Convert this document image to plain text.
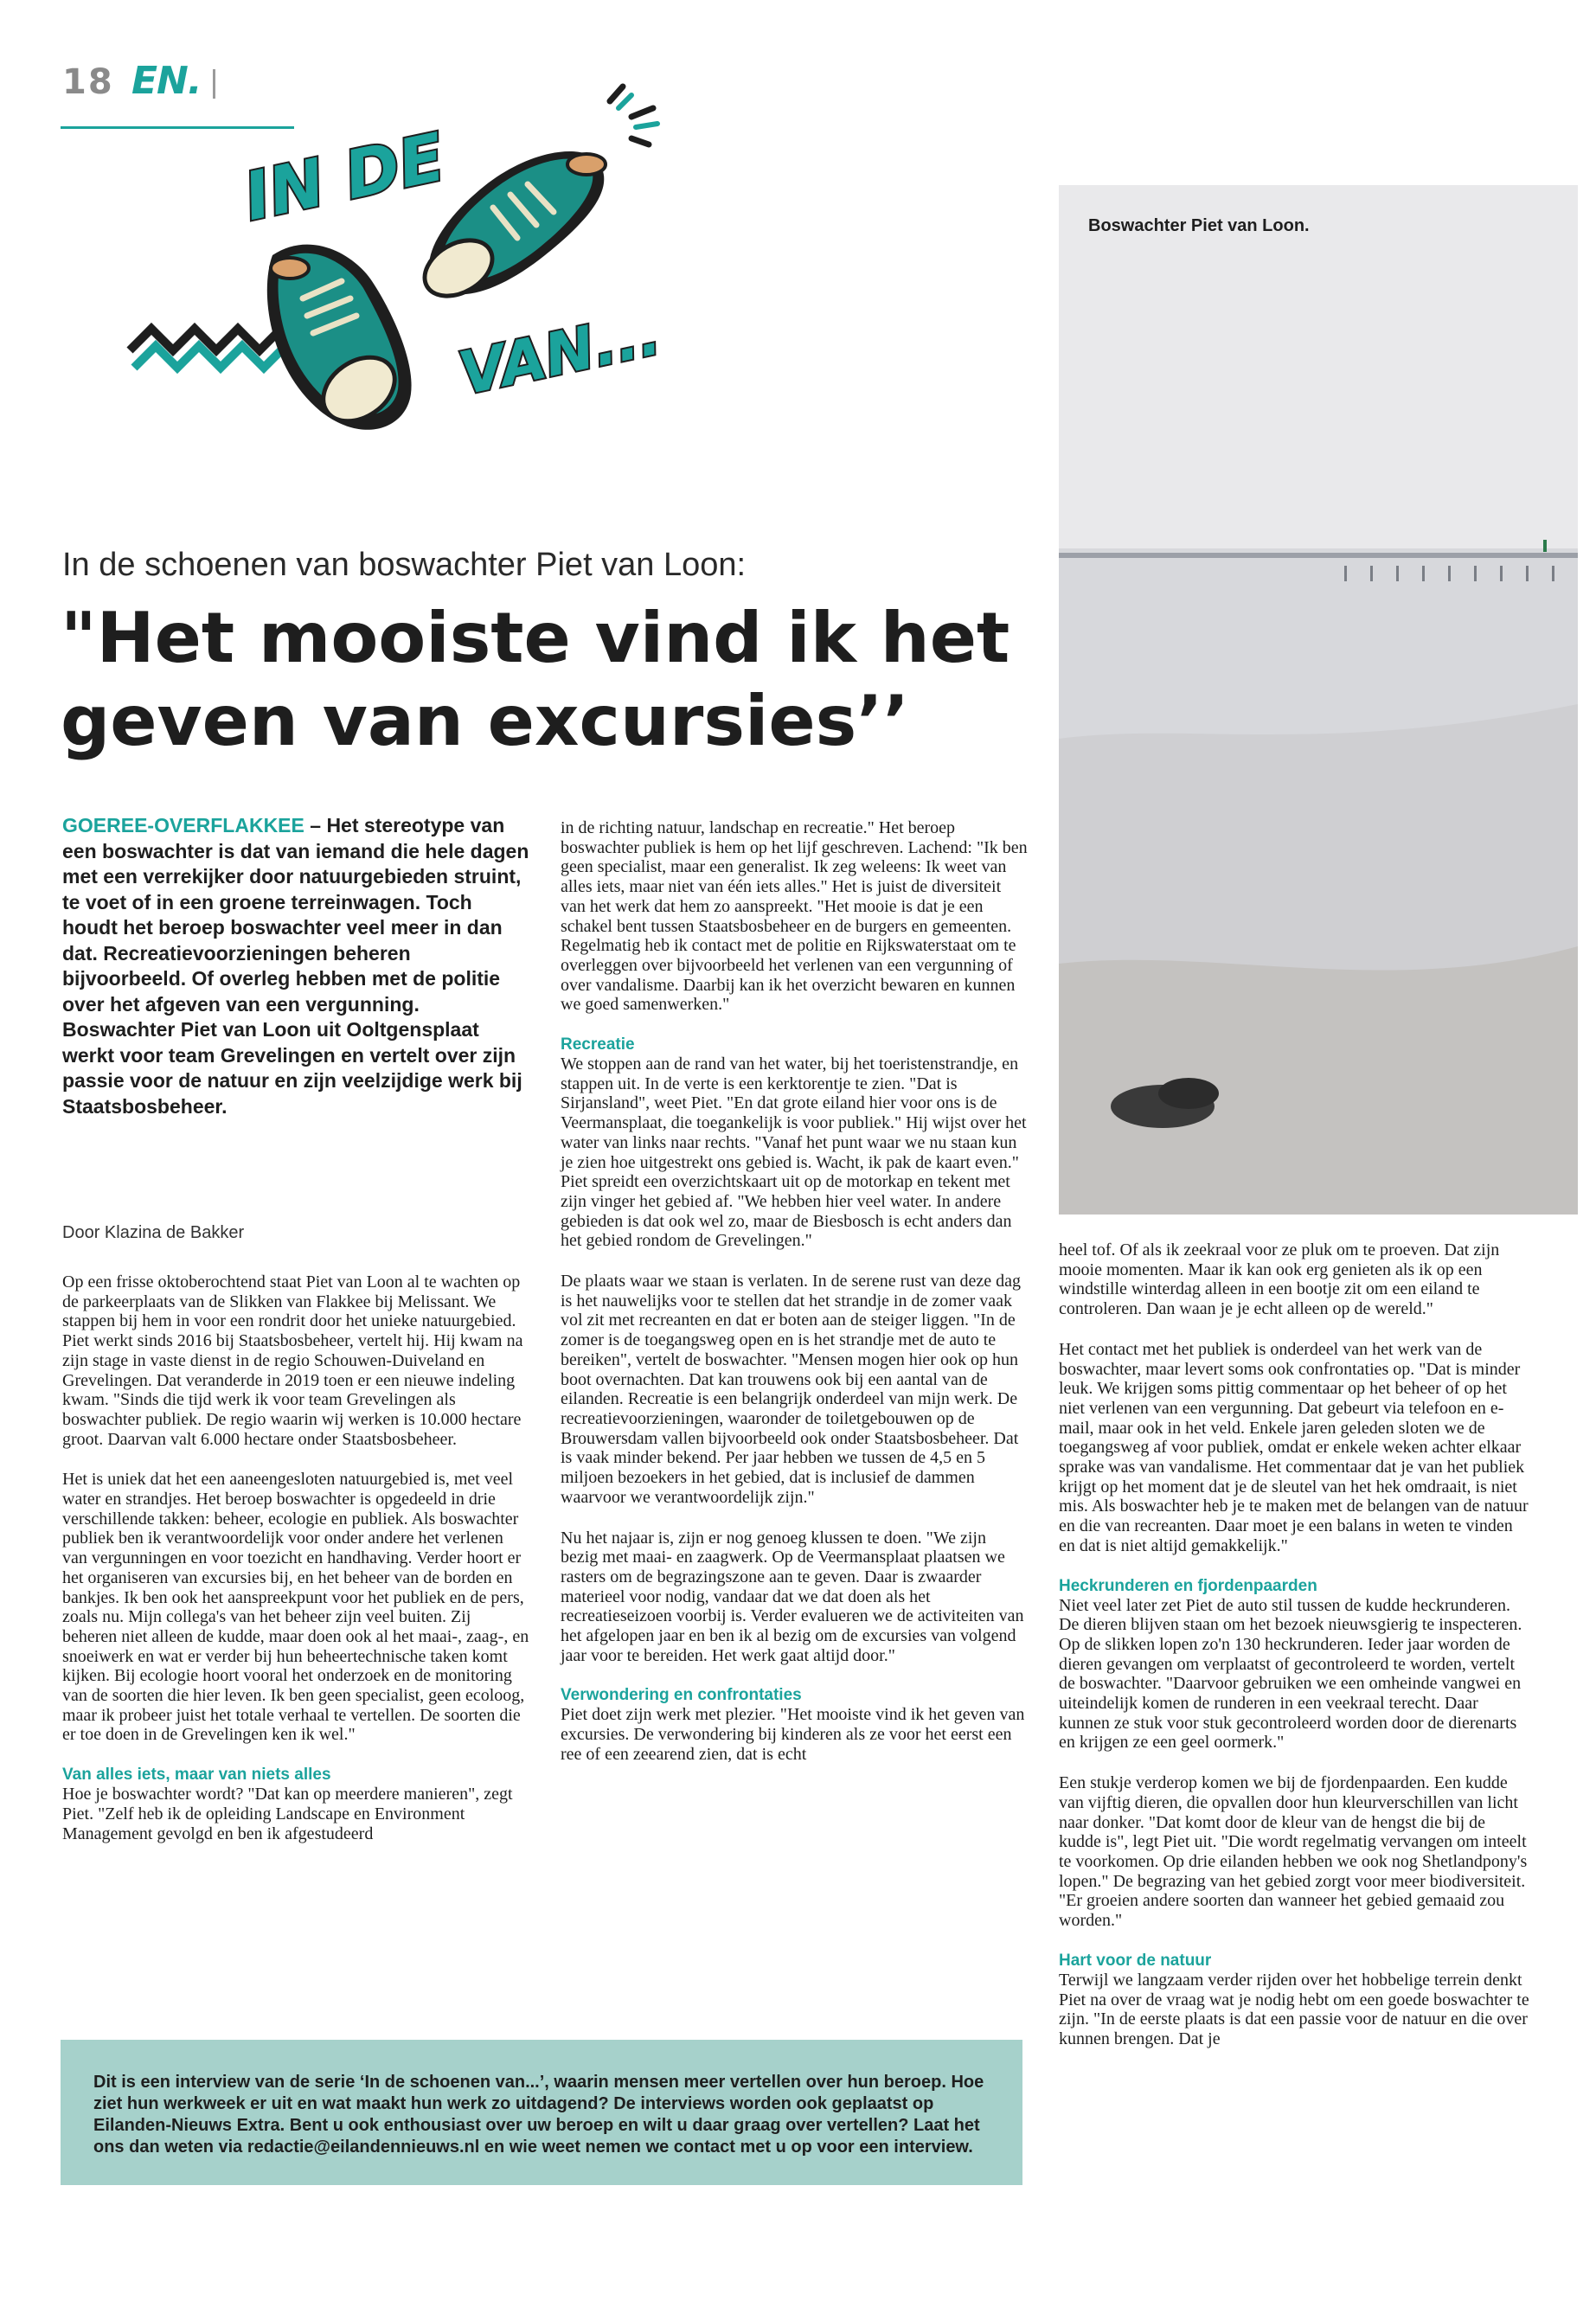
18 EN.
IN DE
VAN...
Boswachter Piet van Loon.
In de schoenen van boswachter Piet van Loon:
"Het mooiste vind ik het geven van excursies’’

GOEREE-OVERFLAKKEE – Het stereotype van een boswachter is dat van iemand die hele dagen met een verrekijker door natuurgebieden struint, te voet of in een groene terreinwagen. Toch houdt het beroep boswachter veel meer in dan dat. Recreatievoorzieningen beheren bijvoorbeeld. Of overleg hebben met de politie over het afgeven van een vergunning. Boswachter Piet van Loon uit Ooltgensplaat werkt voor team Grevelingen en vertelt over zijn passie voor de natuur en zijn veelzijdige werk bij Staatsbosbeheer.

Door Klazina de Bakker

Op een frisse oktoberochtend staat Piet van Loon al te wachten op de parkeerplaats van de Slikken van Flakkee bij Melissant. We stappen bij hem in voor een rondrit door het unieke natuurgebied. Piet werkt sinds 2016 bij Staatsbosbeheer, vertelt hij. Hij kwam na zijn stage in vaste dienst in de regio Schouwen-Duiveland en Grevelingen. Dat veranderde in 2019 toen er een nieuwe indeling kwam. "Sinds die tijd werk ik voor team Grevelingen als boswachter publiek. De regio waarin wij werken is 10.000 hectare groot. Daarvan valt 6.000 hectare onder Staatsbosbeheer.

Het is uniek dat het een aaneengesloten natuurgebied is, met veel water en strandjes. Het beroep boswachter is opgedeeld in drie verschillende takken: beheer, ecologie en publiek. Als boswachter publiek ben ik verantwoordelijk voor onder andere het verlenen van vergunningen en voor toezicht en handhaving. Verder hoort er het organiseren van excursies bij, en het beheer van de borden en bankjes. Ik ben ook het aanspreekpunt voor het publiek en de pers, zoals nu. Mijn collega's van het beheer zijn veel buiten. Zij beheren niet alleen de kudde, maar doen ook al het maai-, zaag-, en snoeiwerk en wat er verder bij hun beheertechnische taken komt kijken. Bij ecologie hoort vooral het onderzoek en de monitoring van de soorten die hier leven. Ik ben geen specialist, geen ecoloog, maar ik probeer juist het totale verhaal te vertellen. De soorten die er toe doen in de Grevelingen ken ik wel."

Van alles iets, maar van niets alles

Hoe je boswachter wordt? "Dat kan op meerdere manieren", zegt Piet. "Zelf heb ik de opleiding Landscape en Environment Management gevolgd en ben ik afgestudeerd

in de richting natuur, landschap en recreatie." Het beroep boswachter publiek is hem op het lijf geschreven. Lachend: "Ik ben geen specialist, maar een generalist. Ik zeg weleens: Ik weet van alles iets, maar niet van één iets alles." Het is juist de diversiteit van het werk dat hem zo aanspreekt. "Het mooie is dat je een schakel bent tussen Staatsbosbeheer en de burgers en gemeenten. Regelmatig heb ik contact met de politie en Rijkswaterstaat om te overleggen over bijvoorbeeld het verlenen van een vergunning of over vandalisme. Daarbij kan ik het overzicht bewaren en kunnen we goed samenwerken."

Recreatie

We stoppen aan de rand van het water, bij het toeristenstrandje, en stappen uit. In de verte is een kerktorentje te zien. "Dat is Sirjansland", weet Piet. "En dat grote eiland hier voor ons is de Veermansplaat, die toegankelijk is voor publiek." Hij wijst over het water van links naar rechts. "Vanaf het punt waar we nu staan kun je zien hoe uitgestrekt ons gebied is. Wacht, ik pak de kaart even." Piet spreidt een overzichtskaart uit op de motorkap en tekent met zijn vinger het gebied af. "We hebben hier veel water. In andere gebieden is dat ook wel zo, maar de Biesbosch is echt anders dan het gebied rondom de Grevelingen."

De plaats waar we staan is verlaten. In de serene rust van deze dag is het nauwelijks voor te stellen dat het strandje in de zomer vaak vol zit met recreanten en dat er boten aan de steiger liggen. "In de zomer is de toegangsweg open en is het strandje met de auto te bereiken", vertelt de boswachter. "Mensen mogen hier ook op hun boot overnachten. Dat kan trouwens ook bij een aantal van de eilanden. Recreatie is een belangrijk onderdeel van mijn werk. De recreatievoorzieningen, waaronder de toiletgebouwen op de Brouwersdam vallen bijvoorbeeld ook onder Staatsbosbeheer. Dat is vaak minder bekend. Per jaar hebben we tussen de 4,5 en 5 miljoen bezoekers in het gebied, dat is inclusief de dammen waarvoor we verantwoordelijk zijn."

Nu het najaar is, zijn er nog genoeg klussen te doen. "We zijn bezig met maai- en zaagwerk. Op de Veermansplaat plaatsen we rasters om de begrazingszone aan te geven. Daar is zwaarder materieel voor nodig, vandaar dat we dat doen als het recreatieseizoen voorbij is. Verder evalueren we de activiteiten van het afgelopen jaar en ben ik al bezig om de excursies van volgend jaar voor te bereiden. Het werk gaat altijd door."

Verwondering en confrontaties

Piet doet zijn werk met plezier. "Het mooiste vind ik het geven van excursies. De verwondering bij kinderen als ze voor het eerst een ree of een zeearend zien, dat is echt

heel tof. Of als ik zeekraal voor ze pluk om te proeven. Dat zijn mooie momenten. Maar ik kan ook erg genieten als ik op een windstille winterdag alleen in een bootje zit om een eiland te controleren. Dan waan je je echt alleen op de wereld."

Het contact met het publiek is onderdeel van het werk van de boswachter, maar levert soms ook confrontaties op. "Dat is minder leuk. We krijgen soms pittig commentaar op het beheer of op het niet verlenen van een vergunning. Dat gebeurt via telefoon en e-mail, maar ook in het veld. Enkele jaren geleden sloten we de toegangsweg af voor publiek, omdat er enkele weken achter elkaar sprake was van vandalisme. Het commentaar dat je van het publiek krijgt op het moment dat je de sleutel van het hek omdraait, is niet mis. Als boswachter heb je te maken met de belangen van de natuur en die van recreanten. Daar moet je een balans in weten te vinden en dat is niet altijd gemakkelijk."

Heckrunderen en fjordenpaarden

Niet veel later zet Piet de auto stil tussen de kudde heckrunderen. De dieren blijven staan om het bezoek nieuwsgierig te inspecteren. Op de slikken lopen zo'n 130 heckrunderen. Ieder jaar worden de dieren gevangen om verplaatst of gecontroleerd te worden, vertelt de boswachter. "Daarvoor gebruiken we een omheinde vangwei en uiteindelijk komen de runderen in een veekraal terecht. Daar kunnen ze stuk voor stuk gecontroleerd worden door de dierenarts en krijgen ze een geel oormerk."

Een stukje verderop komen we bij de fjordenpaarden. Een kudde van vijftig dieren, die opvallen door hun kleurverschillen van licht naar donker. "Dat komt door de kleur van de hengst die bij de kudde is", legt Piet uit. "Die wordt regelmatig vervangen om inteelt te voorkomen. Op drie eilanden hebben we ook nog Shetlandpony's lopen." De begrazing van het gebied zorgt voor meer biodiversiteit. "Er groeien andere soorten dan wanneer het gebied gemaaid zou worden."

Hart voor de natuur

Terwijl we langzaam verder rijden over het hobbelige terrein denkt Piet na over de vraag wat je nodig hebt om een goede boswachter te zijn. "In de eerste plaats is dat een passie voor de natuur en die over kunnen brengen. Dat je

Dit is een interview van de serie ‘In de schoenen van...’, waarin mensen meer vertellen over hun beroep. Hoe ziet hun werkweek er uit en wat maakt hun werk zo uitdagend? De interviews worden ook geplaatst op Eilanden-Nieuws Extra. Bent u ook enthousiast over uw beroep en wilt u daar graag over vertellen? Laat het ons dan weten via redactie@eilandennieuws.nl en wie weet nemen we contact met u op voor een interview.
